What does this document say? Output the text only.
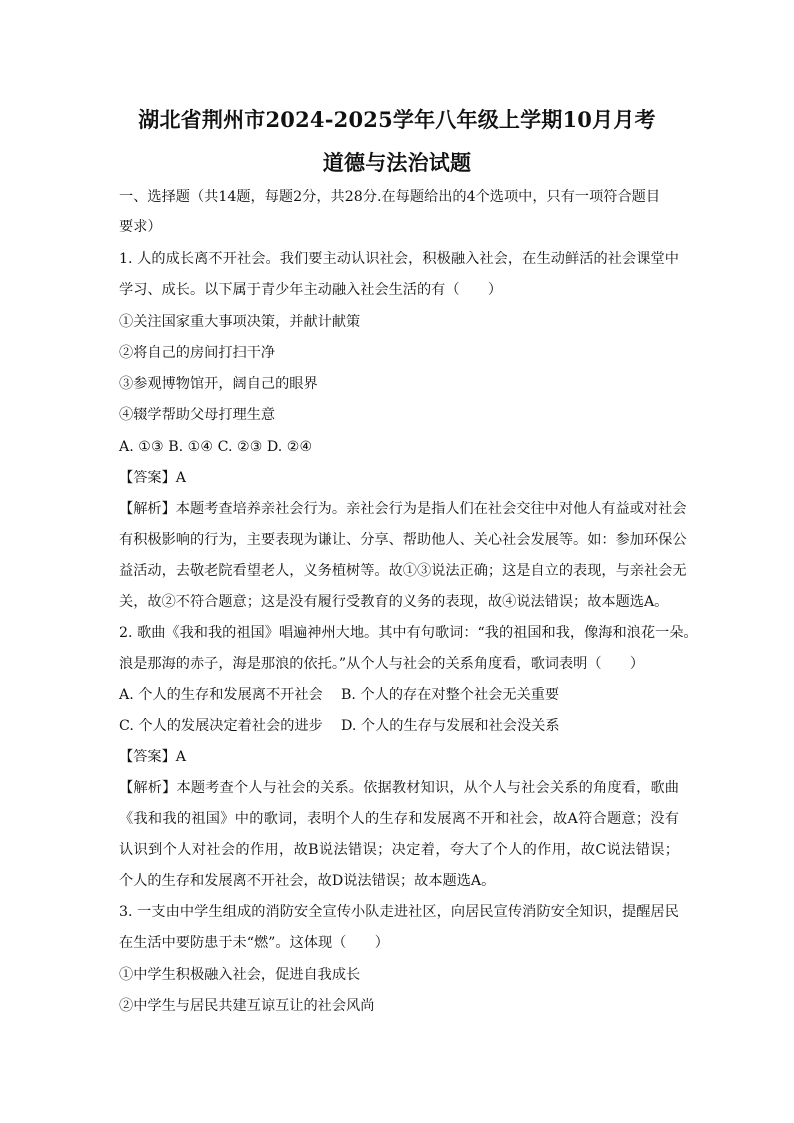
湖北省荆州市2024-2025学年八年级上学期10月月考
道德与法治试题
一、选择题（共14题，每题2分，共28分.在每题给出的4个选项中，只有一项符合题目
要求）
1. 人的成长离不开社会。我们要主动认识社会，积极融入社会，在生动鲜活的社会课堂中
学习、成长。以下属于青少年主动融入社会生活的有（　　）
①关注国家重大事项决策，并献计献策
②将自己的房间打扫干净
③参观博物馆开，阔自己的眼界
④辍学帮助父母打理生意
A. ①③ B. ①④ C. ②③ D. ②④
【答案】A
【解析】本题考查培养亲社会行为。亲社会行为是指人们在社会交往中对他人有益或对社会
有积极影响的行为，主要表现为谦让、分享、帮助他人、关心社会发展等。如：参加环保公
益活动，去敬老院看望老人，义务植树等。故①③说法正确；这是自立的表现，与亲社会无
关，故②不符合题意；这是没有履行受教育的义务的表现，故④说法错误；故本题选A。
2. 歌曲《我和我的祖国》唱遍神州大地。其中有句歌词：“我的祖国和我，像海和浪花一朵。
浪是那海的赤子，海是那浪的依托。”从个人与社会的关系角度看，歌词表明（　　）
A. 个人的生存和发展离不开社会 B. 个人的存在对整个社会无关重要
C. 个人的发展决定着社会的进步 D. 个人的生存与发展和社会没关系
【答案】A
【解析】本题考查个人与社会的关系。依据教材知识，从个人与社会关系的角度看，歌曲
《我和我的祖国》中的歌词，表明个人的生存和发展离不开和社会，故A符合题意；没有
认识到个人对社会的作用，故B说法错误；决定着，夸大了个人的作用，故C说法错误；
个人的生存和发展离不开社会，故D说法错误；故本题选A。
3. 一支由中学生组成的消防安全宣传小队走进社区，向居民宣传消防安全知识，提醒居民
在生活中要防患于未“燃”。这体现（　　）
①中学生积极融入社会，促进自我成长
②中学生与居民共建互谅互让的社会风尚
